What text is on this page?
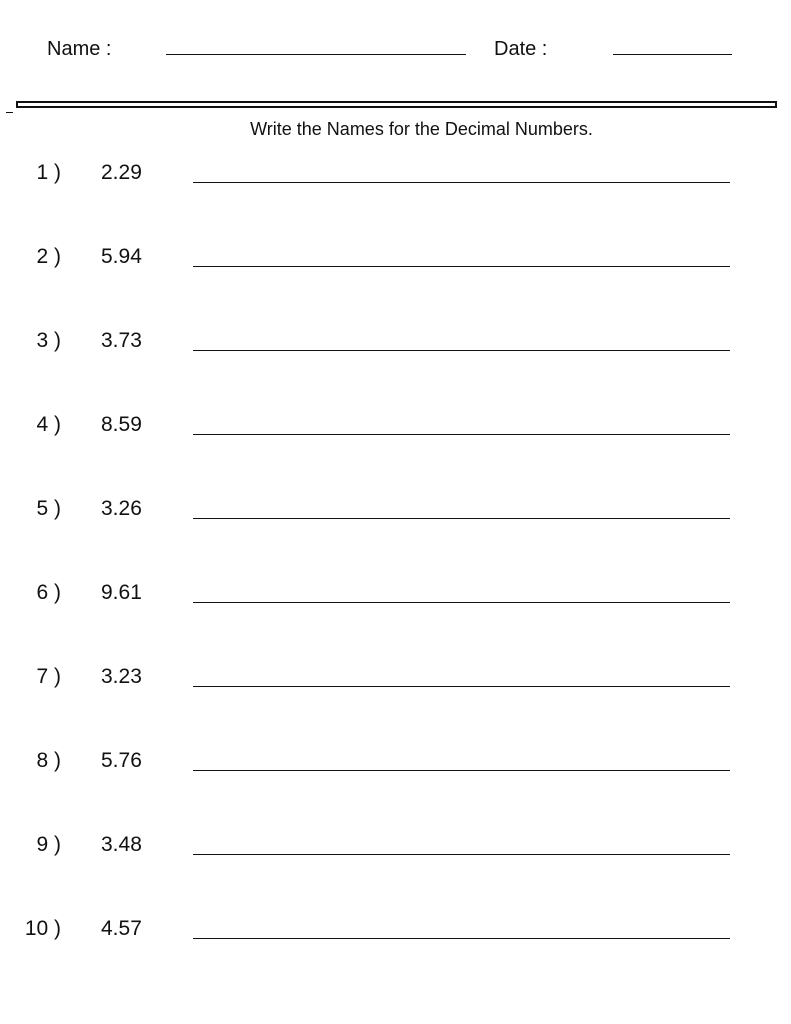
Name :	Date :
Write the Names for the Decimal Numbers.
1 ) 2.29
2 ) 5.94
3 ) 3.73
4 ) 8.59
5 ) 3.26
6 ) 9.61
7 ) 3.23
8 ) 5.76
9 ) 3.48
10 ) 4.57
